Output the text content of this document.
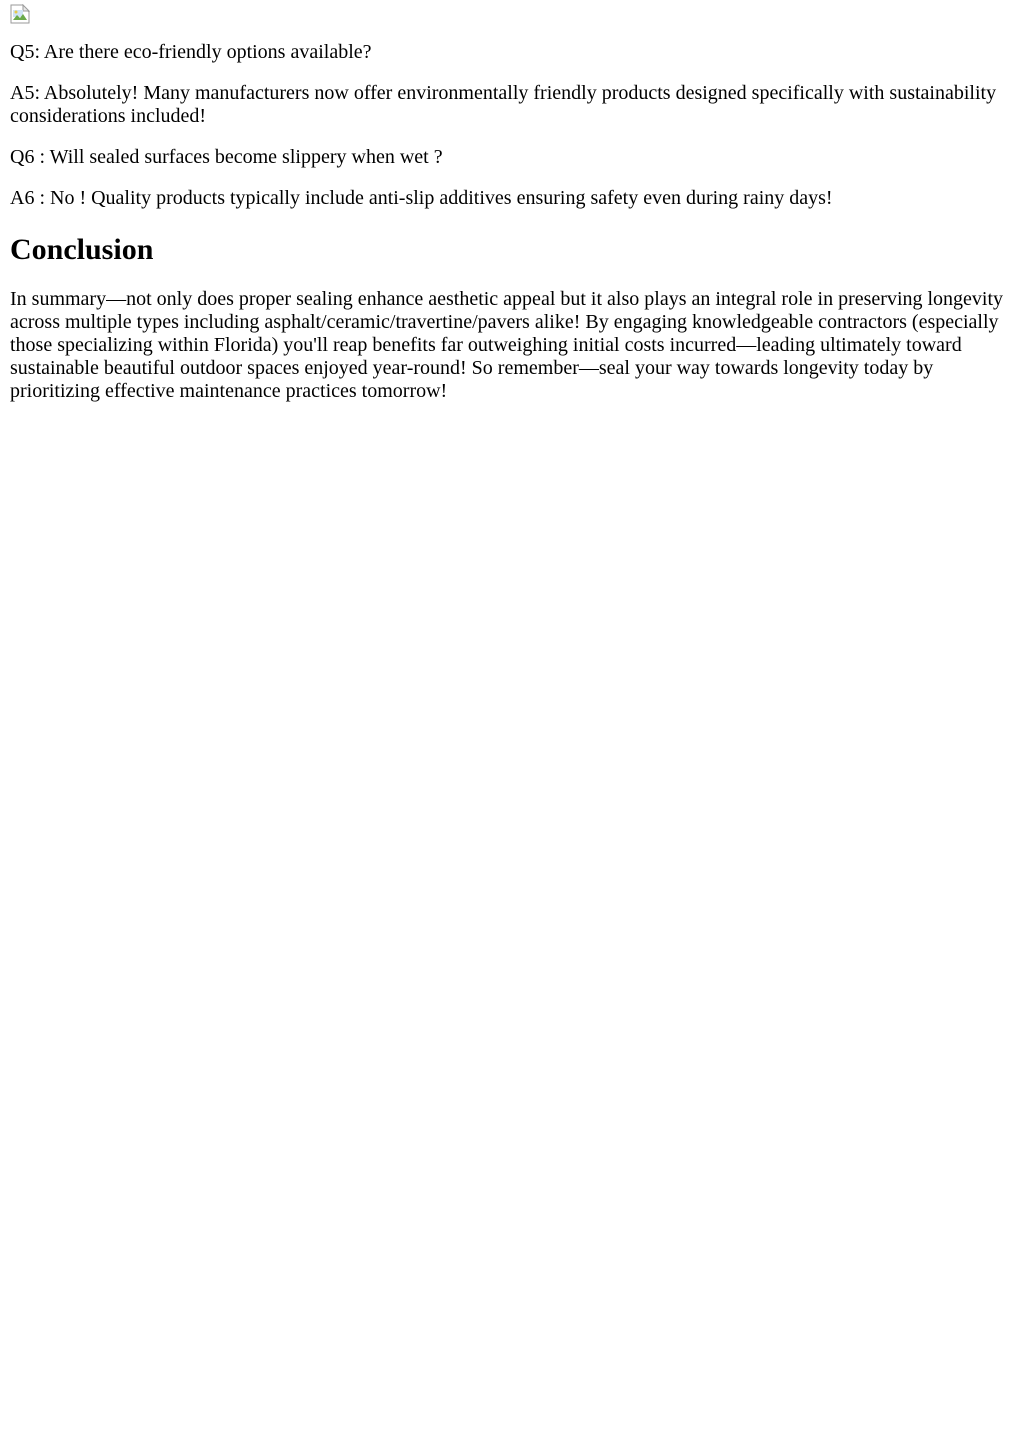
Q5: Are there eco-friendly options available?

A5: Absolutely! Many manufacturers now offer environmentally friendly products designed specifically with sustainability considerations included!

Q6 : Will sealed surfaces become slippery when wet ?

A6 : No ! Quality products typically include anti-slip additives ensuring safety even during rainy days!

Conclusion

In summary—not only does proper sealing enhance aesthetic appeal but it also plays an integral role in preserving longevity across multiple types including asphalt/ceramic/travertine/pavers alike! By engaging knowledgeable contractors (especially those specializing within Florida) you'll reap benefits far outweighing initial costs incurred—leading ultimately toward sustainable beautiful outdoor spaces enjoyed year-round! So remember—seal your way towards longevity today by prioritizing effective maintenance practices tomorrow!
